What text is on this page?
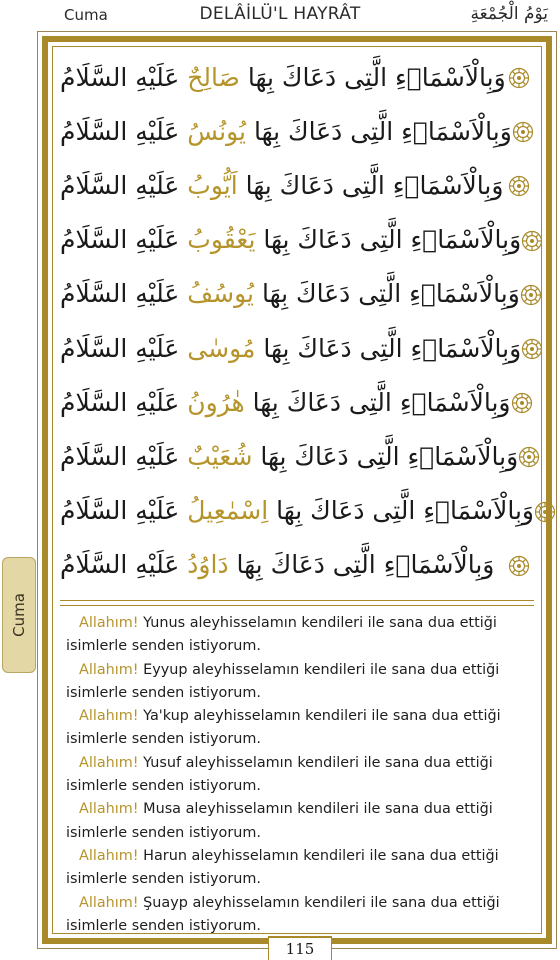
Cuma	DELÂİLÜ'L HAYRÂT	يَوْمُ الْجُمْعَةِ
وَبِالْاَسْمَاۤءِ الَّتِى دَعَاكَ بِهَا صَالِحٌ عَلَيْهِ السَّلَامُ
وَبِالْاَسْمَاۤءِ الَّتِى دَعَاكَ بِهَا يُونُسُ عَلَيْهِ السَّلَامُ
وَبِالْاَسْمَاۤءِ الَّتِى دَعَاكَ بِهَا اَيُّوبُ عَلَيْهِ السَّلَامُ
وَبِالْاَسْمَاۤءِ الَّتِى دَعَاكَ بِهَا يَعْقُوبُ عَلَيْهِ السَّلَامُ
وَبِالْاَسْمَاۤءِ الَّتِى دَعَاكَ بِهَا يُوسُفُ عَلَيْهِ السَّلَامُ
وَبِالْاَسْمَاۤءِ الَّتِى دَعَاكَ بِهَا مُوسٰى عَلَيْهِ السَّلَامُ
وَبِالْاَسْمَاۤءِ الَّتِى دَعَاكَ بِهَا هٰرُونُ عَلَيْهِ السَّلَامُ
وَبِالْاَسْمَاۤءِ الَّتِى دَعَاكَ بِهَا شُعَيْبٌ عَلَيْهِ السَّلَامُ
وَبِالْاَسْمَاۤءِ الَّتِى دَعَاكَ بِهَا اِسْمٰعِيلُ عَلَيْهِ السَّلَامُ
وَبِالْاَسْمَاۤءِ الَّتِى دَعَاكَ بِهَا دَاوُدُ عَلَيْهِ السَّلَامُ

Allahım! Yunus aleyhisselamın kendileri ile sana dua ettiği isimlerle senden istiyorum.

Allahım! Eyyup aleyhisselamın kendileri ile sana dua ettiği isimlerle senden istiyorum.

Allahım! Ya'kup aleyhisselamın kendileri ile sana dua ettiği isimlerle senden istiyorum.

Allahım! Yusuf aleyhisselamın kendileri ile sana dua ettiği isimlerle senden istiyorum.

Allahım! Musa aleyhisselamın kendileri ile sana dua ettiği isimlerle senden istiyorum.

Allahım! Harun aleyhisselamın kendileri ile sana dua ettiği isimlerle senden istiyorum.

Allahım! Şuayp aleyhisselamın kendileri ile sana dua ettiği isimlerle senden istiyorum.

115
Cuma
